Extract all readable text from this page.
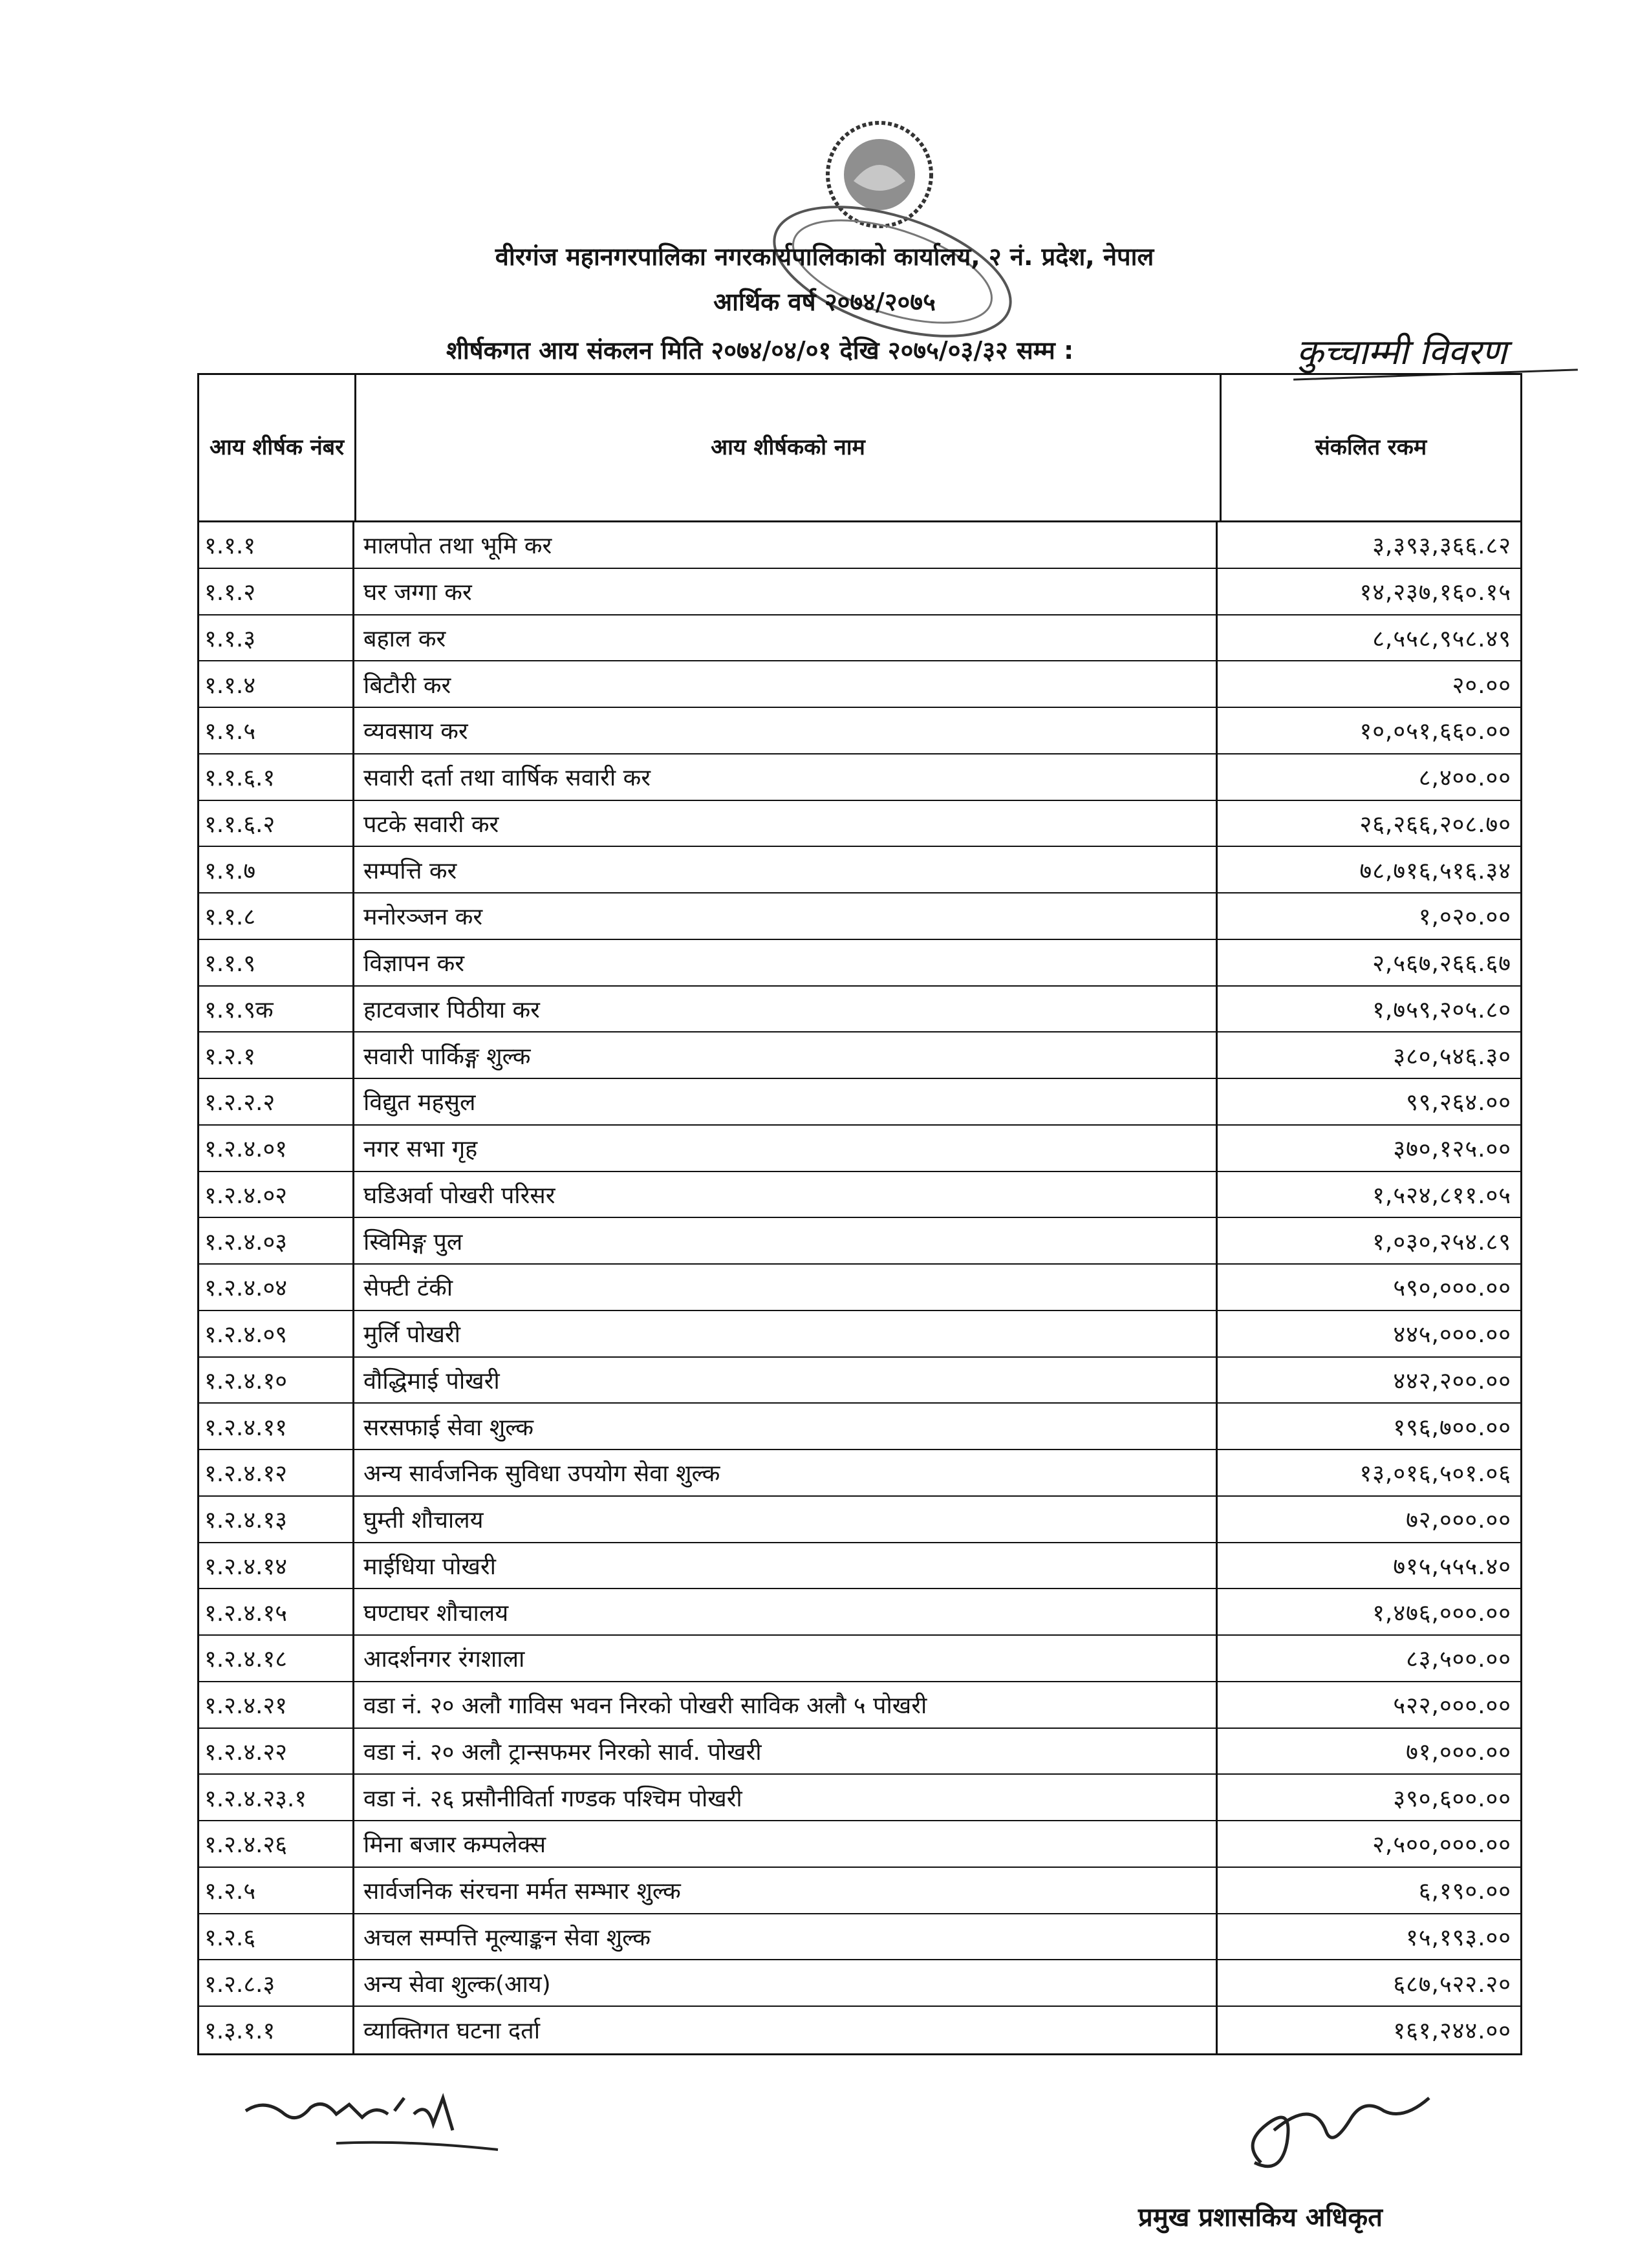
वीरगंज महानगरपालिका नगरकार्यपालिकाको कार्यालय, २ नं. प्रदेश, नेपाल
आर्थिक वर्ष २०७४/२०७५
शीर्षकगत आय संकलन मिति २०७४/०४/०१ देखि २०७५/०३/३२ सम्म :	कुच्चाम्मी विवरण
आय शीर्षक नंबर	आय शीर्षकको नाम	संकलित रकम
१.१.१	मालपोत तथा भूमि कर	३,३९३,३६६.८२
१.१.२	घर जग्गा कर	१४,२३७,१६०.१५
१.१.३	बहाल कर	८,५५८,९५८.४९
१.१.४	बिटौरी कर	२०.००
१.१.५	व्यवसाय कर	१०,०५१,६६०.००
१.१.६.१	सवारी दर्ता तथा वार्षिक सवारी कर	८,४००.००
१.१.६.२	पटके सवारी कर	२६,२६६,२०८.७०
१.१.७	सम्पत्ति कर	७८,७१६,५१६.३४
१.१.८	मनोरञ्जन कर	१,०२०.००
१.१.९	विज्ञापन कर	२,५६७,२६६.६७
१.१.९क	हाटवजार पिठीया कर	१,७५९,२०५.८०
१.२.१	सवारी पार्किङ्ग शुल्क	३८०,५४६.३०
१.२.२.२	विद्युत महसुल	९९,२६४.००
१.२.४.०१	नगर सभा गृह	३७०,१२५.००
१.२.४.०२	घडिअर्वा पोखरी परिसर	१,५२४,८११.०५
१.२.४.०३	स्विमिङ्ग पुल	१,०३०,२५४.८९
१.२.४.०४	सेफ्टी टंकी	५९०,०००.००
१.२.४.०९	मुर्लि पोखरी	४४५,०००.००
१.२.४.१०	वौद्धिमाई पोखरी	४४२,२००.००
१.२.४.११	सरसफाई सेवा शुल्क	१९६,७००.००
१.२.४.१२	अन्य सार्वजनिक सुविधा उपयोग सेवा शुल्क	१३,०१६,५०१.०६
१.२.४.१३	घुम्ती शौचालय	७२,०००.००
१.२.४.१४	माईधिया पोखरी	७१५,५५५.४०
१.२.४.१५	घण्टाघर शौचालय	१,४७६,०००.००
१.२.४.१८	आदर्शनगर रंगशाला	८३,५००.००
१.२.४.२१	वडा नं. २० अलौ गाविस भवन निरको पोखरी साविक अलौ ५ पोखरी	५२२,०००.००
१.२.४.२२	वडा नं. २० अलौ ट्रान्सफमर निरको सार्व. पोखरी	७१,०००.००
१.२.४.२३.१	वडा नं. २६ प्रसौनीविर्ता गण्डक पश्चिम पोखरी	३९०,६००.००
१.२.४.२६	मिना बजार कम्पलेक्स	२,५००,०००.००
१.२.५	सार्वजनिक संरचना मर्मत सम्भार शुल्क	६,१९०.००
१.२.६	अचल सम्पत्ति मूल्याङ्कन सेवा शुल्क	१५,१९३.००
१.२.८.३	अन्य सेवा शुल्क(आय)	६८७,५२२.२०
१.३.१.१	व्याक्तिगत घटना दर्ता	१६१,२४४.००
प्रमुख प्रशासकिय अधिकृत
